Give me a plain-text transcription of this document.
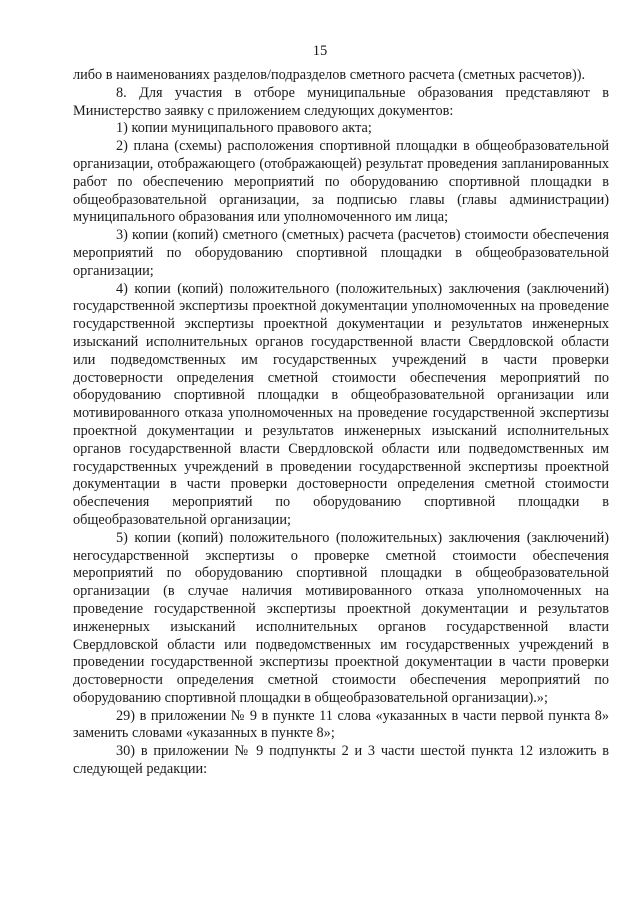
15

либо в наименованиях разделов/подразделов сметного расчета (сметных расчетов)).

8. Для участия в отборе муниципальные образования представляют в Министерство заявку с приложением следующих документов:

1) копии муниципального правового акта;

2) плана (схемы) расположения спортивной площадки в общеобразовательной организации, отображающего (отображающей) результат проведения запланированных работ по обеспечению мероприятий по оборудованию спортивной площадки в общеобразовательной организации, за подписью главы (главы администрации) муниципального образования или уполномоченного им лица;

3) копии (копий) сметного (сметных) расчета (расчетов) стоимости обеспечения мероприятий по оборудованию спортивной площадки в общеобразовательной организации;

4) копии (копий) положительного (положительных) заключения (заключений) государственной экспертизы проектной документации уполномоченных на проведение государственной экспертизы проектной документации и результатов инженерных изысканий исполнительных органов государственной власти Свердловской области или подведомственных им государственных учреждений в части проверки достоверности определения сметной стоимости обеспечения мероприятий по оборудованию спортивной площадки в общеобразовательной организации или мотивированного отказа уполномоченных на проведение государственной экспертизы проектной документации и результатов инженерных изысканий исполнительных органов государственной власти Свердловской области или подведомственных им государственных учреждений в проведении государственной экспертизы проектной документации в части проверки достоверности определения сметной стоимости обеспечения мероприятий по оборудованию спортивной площадки в общеобразовательной организации;

5) копии (копий) положительного (положительных) заключения (заключений) негосударственной экспертизы о проверке сметной стоимости обеспечения мероприятий по оборудованию спортивной площадки в общеобразовательной организации (в случае наличия мотивированного отказа уполномоченных на проведение государственной экспертизы проектной документации и результатов инженерных изысканий исполнительных органов государственной власти Свердловской области или подведомственных им государственных учреждений в проведении государственной экспертизы проектной документации в части проверки достоверности определения сметной стоимости обеспечения мероприятий по оборудованию спортивной площадки в общеобразовательной организации).»;

29) в приложении № 9 в пункте 11 слова «указанных в части первой пункта 8» заменить словами «указанных в пункте 8»;

30) в приложении № 9 подпункты 2 и 3 части шестой пункта 12 изложить в следующей редакции:
